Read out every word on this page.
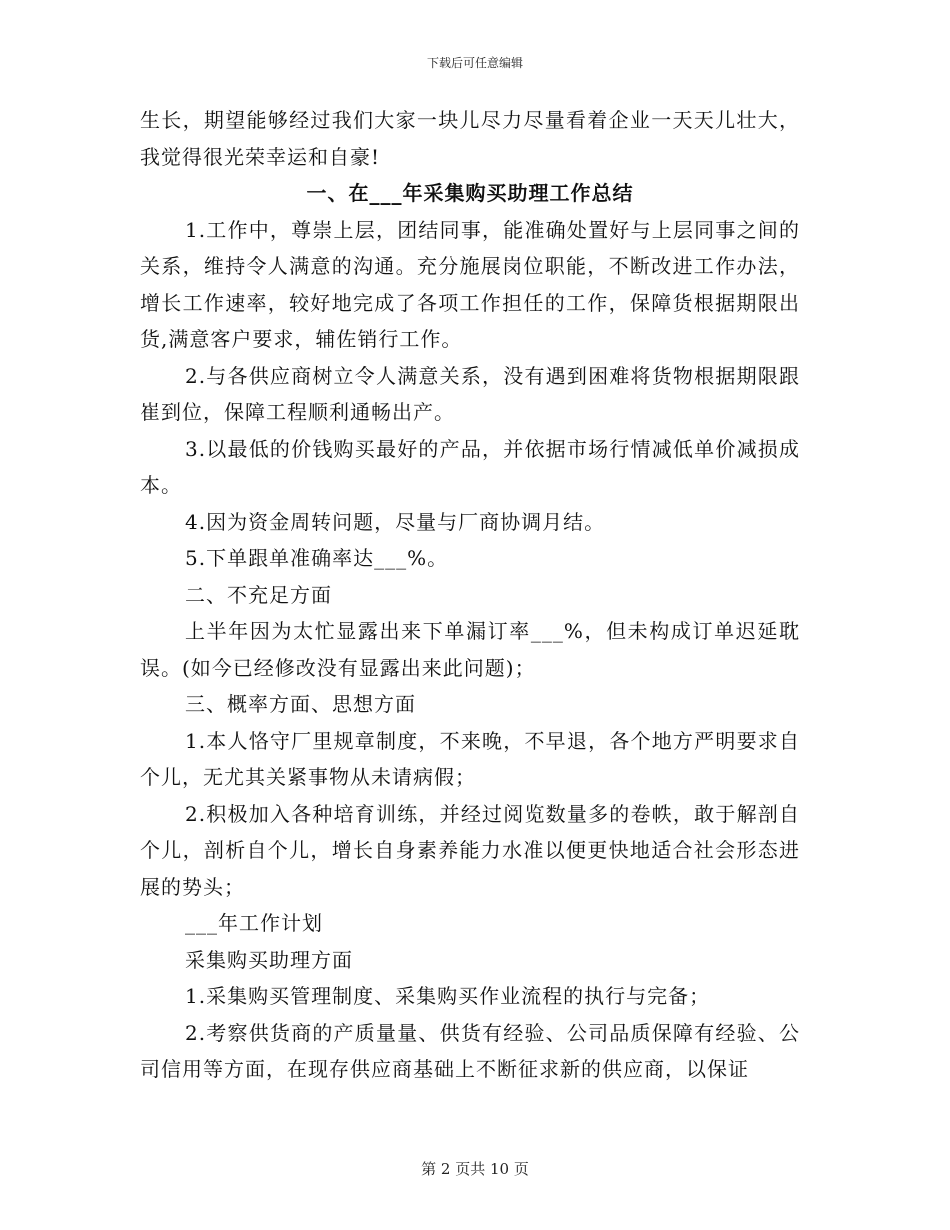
下载后可任意编辑

生长，期望能够经过我们大家一块儿尽力尽量看着企业一天天儿壮大，我觉得很光荣幸运和自豪!

一、在___年采集购买助理工作总结

1.工作中，尊崇上层，团结同事，能准确处置好与上层同事之间的关系，维持令人满意的沟通。充分施展岗位职能，不断改进工作办法，增长工作速率，较好地完成了各项工作担任的工作，保障货根据期限出货,满意客户要求，辅佐销行工作。

2.与各供应商树立令人满意关系，没有遇到困难将货物根据期限跟崔到位，保障工程顺利通畅出产。

3.以最低的价钱购买最好的产品，并依据市场行情减低单价减损成本。

4.因为资金周转问题，尽量与厂商协调月结。

5.下单跟单准确率达___%。

二、不充足方面

上半年因为太忙显露出来下单漏订率___%，但未构成订单迟延耽误。(如今已经修改没有显露出来此问题)；

三、概率方面、思想方面

1.本人恪守厂里规章制度，不来晚，不早退，各个地方严明要求自个儿，无尤其关紧事物从未请病假；

2.积极加入各种培育训练，并经过阅览数量多的卷帙，敢于解剖自个儿，剖析自个儿，增长自身素养能力水准以便更快地适合社会形态进展的势头；

___年工作计划

采集购买助理方面

1.采集购买管理制度、采集购买作业流程的执行与完备；

2.考察供货商的产质量量、供货有经验、公司品质保障有经验、公司信用等方面，在现存供应商基础上不断征求新的供应商，以保证

第 2 页共 10 页
